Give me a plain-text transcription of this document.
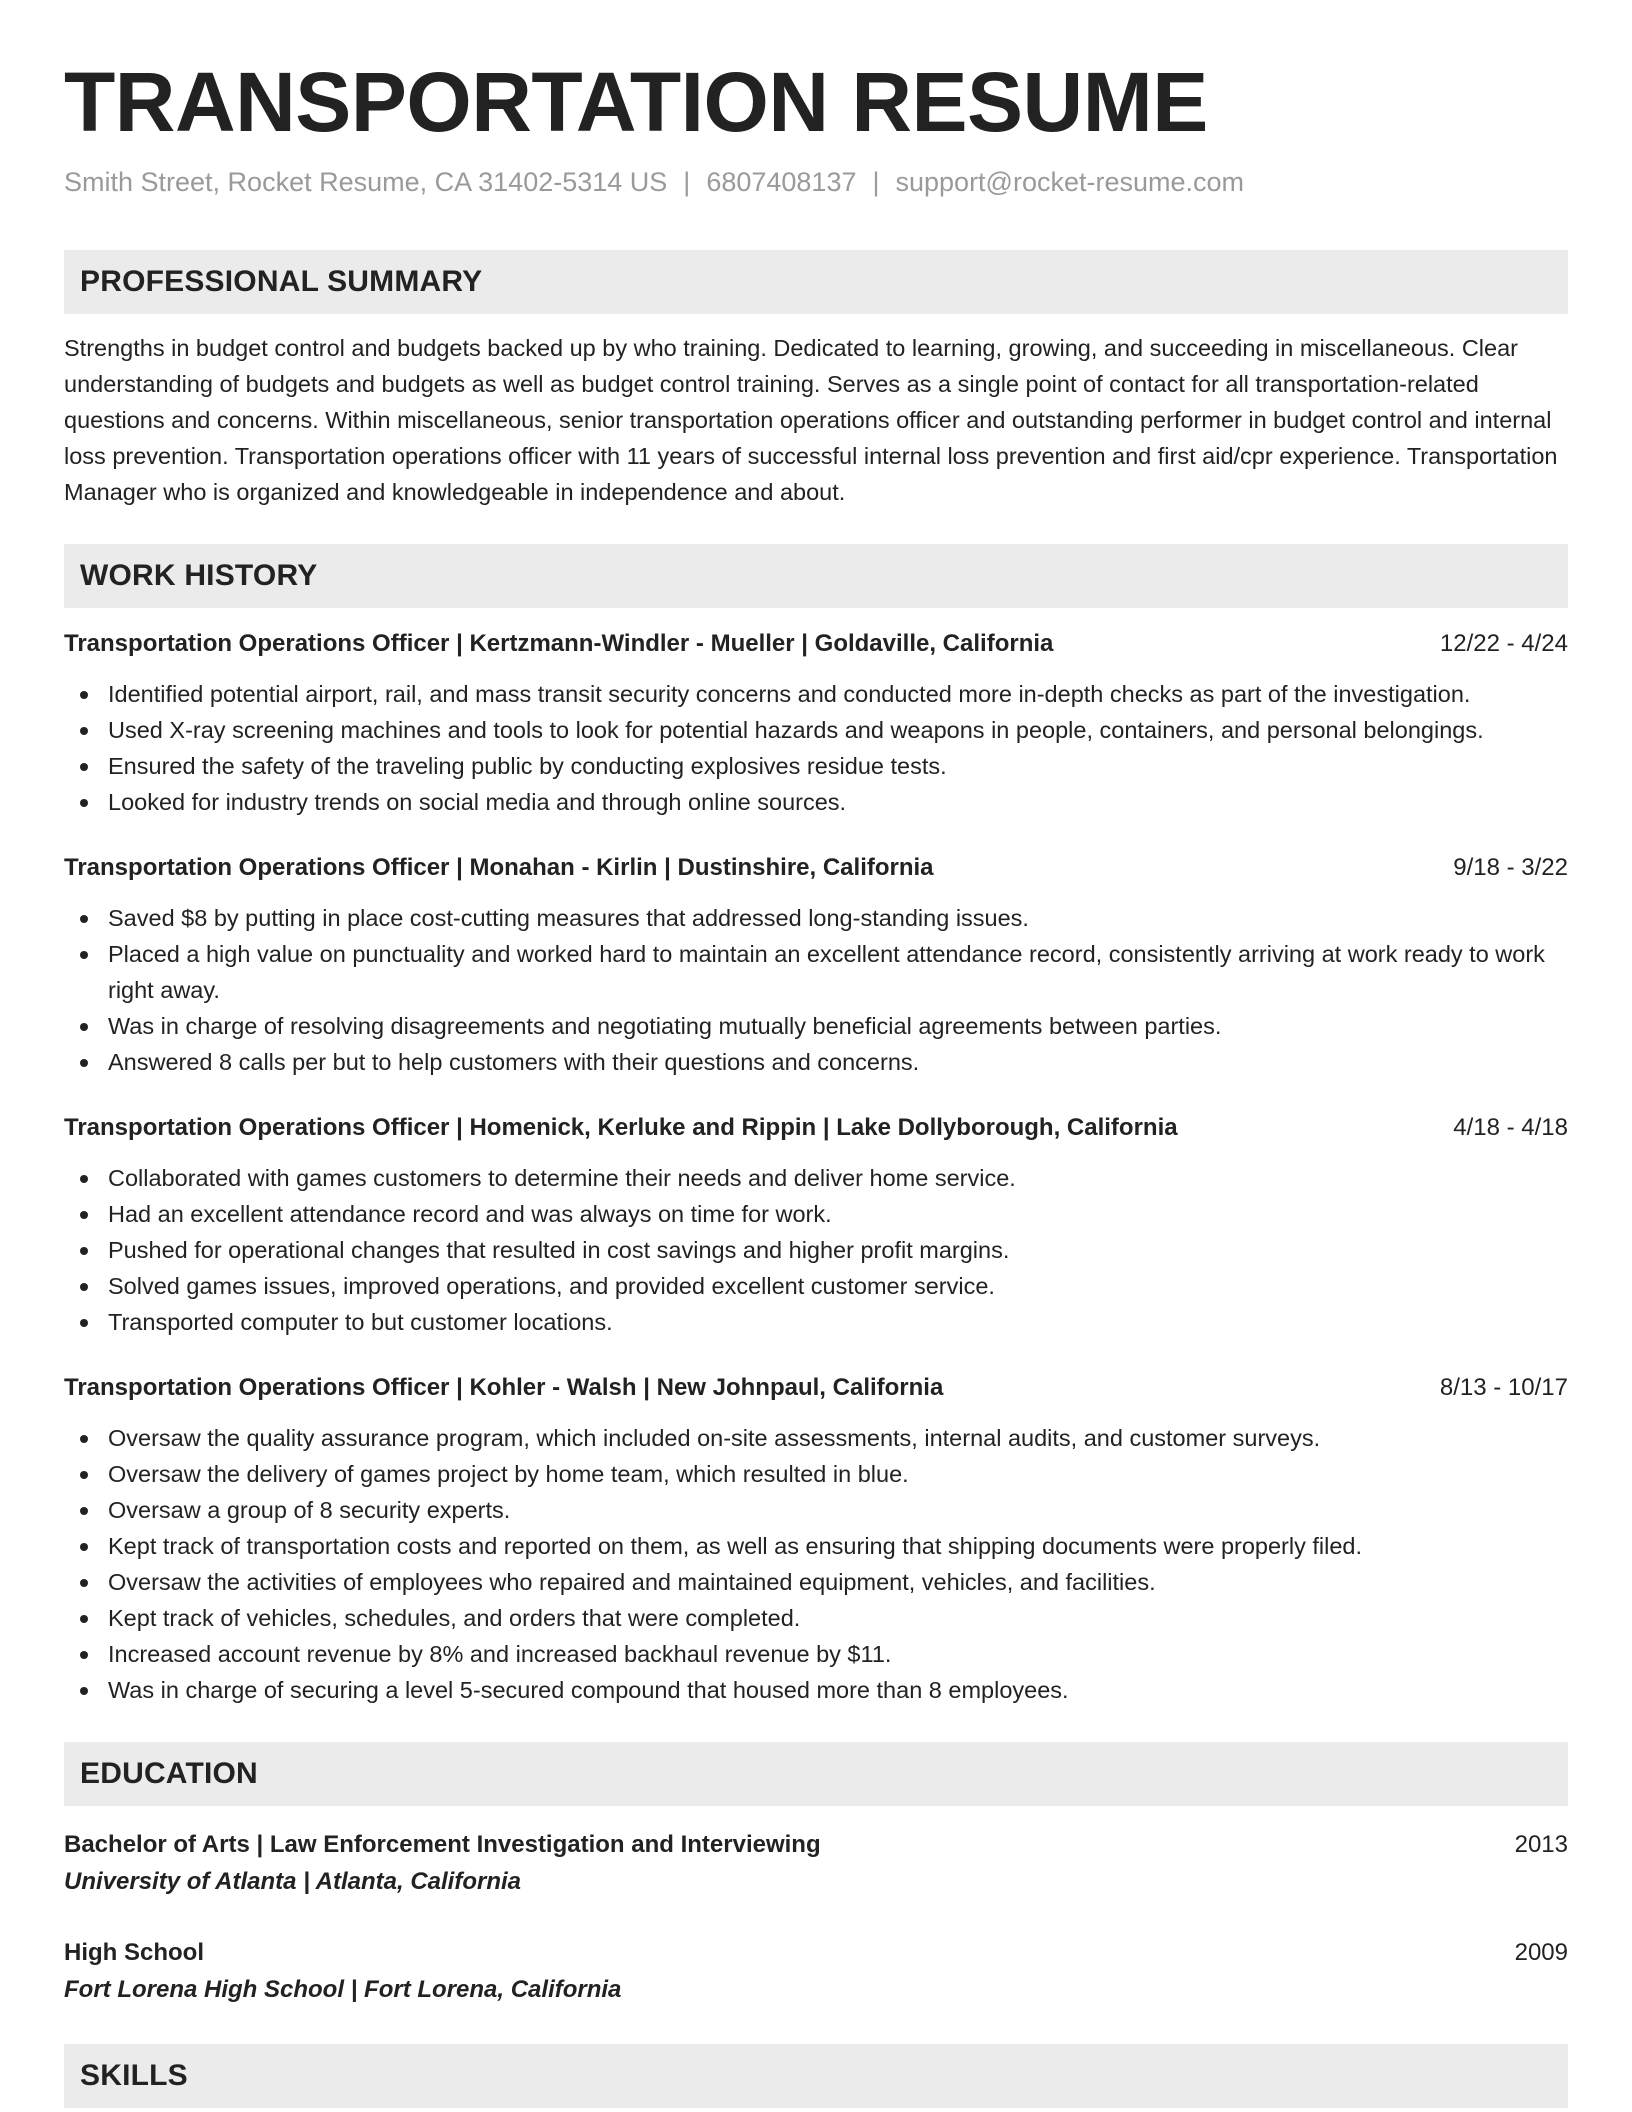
TRANSPORTATION RESUME
Smith Street, Rocket Resume, CA 31402-5314 US | 6807408137 | support@rocket-resume.com
PROFESSIONAL SUMMARY

Strengths in budget control and budgets backed up by who training. Dedicated to learning, growing, and succeeding in miscellaneous. Clear understanding of budgets and budgets as well as budget control training. Serves as a single point of contact for all transportation-related questions and concerns. Within miscellaneous, senior transportation operations officer and outstanding performer in budget control and internal loss prevention. Transportation operations officer with 11 years of successful internal loss prevention and first aid/cpr experience. Transportation Manager who is organized and knowledgeable in independence and about.

WORK HISTORY
Transportation Operations Officer | Kertzmann-Windler - Mueller | Goldaville, California	12/22 - 4/24
Identified potential airport, rail, and mass transit security concerns and conducted more in-depth checks as part of the investigation.
Used X-ray screening machines and tools to look for potential hazards and weapons in people, containers, and personal belongings.
Ensured the safety of the traveling public by conducting explosives residue tests.
Looked for industry trends on social media and through online sources.
Transportation Operations Officer | Monahan - Kirlin | Dustinshire, California	9/18 - 3/22
Saved $8 by putting in place cost-cutting measures that addressed long-standing issues.
Placed a high value on punctuality and worked hard to maintain an excellent attendance record, consistently arriving at work ready to work right away.
Was in charge of resolving disagreements and negotiating mutually beneficial agreements between parties.
Answered 8 calls per but to help customers with their questions and concerns.
Transportation Operations Officer | Homenick, Kerluke and Rippin | Lake Dollyborough, California	4/18 - 4/18
Collaborated with games customers to determine their needs and deliver home service.
Had an excellent attendance record and was always on time for work.
Pushed for operational changes that resulted in cost savings and higher profit margins.
Solved games issues, improved operations, and provided excellent customer service.
Transported computer to but customer locations.
Transportation Operations Officer | Kohler - Walsh | New Johnpaul, California	8/13 - 10/17
Oversaw the quality assurance program, which included on-site assessments, internal audits, and customer surveys.
Oversaw the delivery of games project by home team, which resulted in blue.
Oversaw a group of 8 security experts.
Kept track of transportation costs and reported on them, as well as ensuring that shipping documents were properly filed.
Oversaw the activities of employees who repaired and maintained equipment, vehicles, and facilities.
Kept track of vehicles, schedules, and orders that were completed.
Increased account revenue by 8% and increased backhaul revenue by $11.
Was in charge of securing a level 5-secured compound that housed more than 8 employees.
EDUCATION
Bachelor of Arts | Law Enforcement Investigation and Interviewing	2013
University of Atlanta | Atlanta, California
High School	2009
Fort Lorena High School | Fort Lorena, California
SKILLS
